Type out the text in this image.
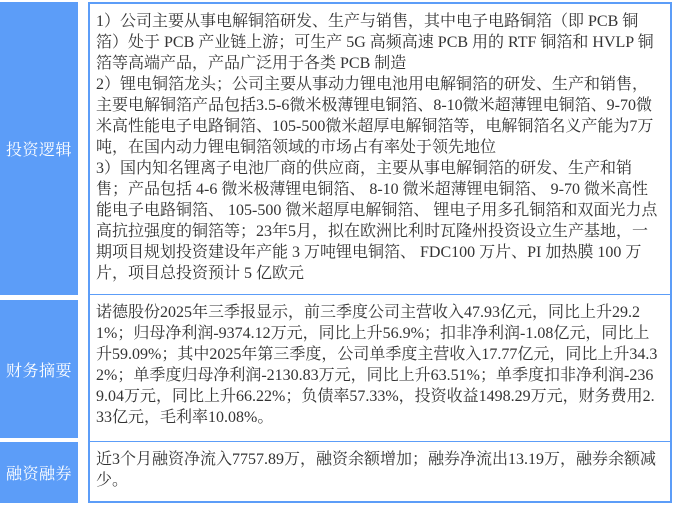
投资逻辑
财务摘要
融资融券

1）公司主要从事电解铜箔研发、生产与销售，其中电子电路铜箔（即 PCB 铜箔）处于 PCB 产业链上游；可生产 5G 高频高速 PCB 用的 RTF 铜箔和 HVLP 铜箔等高端产品，产品广泛用于各类 PCB 制造

2）锂电铜箔龙头；公司主要从事动力锂电池用电解铜箔的研发、生产和销售，主要电解铜箔产品包括3.5-6微米极薄锂电铜箔、8-10微米超薄锂电铜箔、9-70微米高性能电子电路铜箔、105-500微米超厚电解铜箔等，电解铜箔名义产能为7万吨，在国内动力锂电铜箔领域的市场占有率处于领先地位

3）国内知名锂离子电池厂商的供应商，主要从事电解铜箔的研发、生产和销售；产品包括 4-6 微米极薄锂电铜箔、 8-10 微米超薄锂电铜箔、 9-70 微米高性能电子电路铜箔、 105-500 微米超厚电解铜箔、 锂电子用多孔铜箔和双面光力点高抗拉强度的铜箔等；23年5月，拟在欧洲比利时瓦隆州投资设立生产基地，一期项目规划投资建设年产能 3 万吨锂电铜箔、 FDC100 万片、PI 加热膜 100 万片，项目总投资预计 5 亿欧元

诺德股份2025年三季报显示，前三季度公司主营收入47.93亿元，同比上升29.21%；归母净利润-9374.12万元，同比上升56.9%；扣非净利润-1.08亿元，同比上升59.09%；其中2025年第三季度，公司单季度主营收入17.77亿元，同比上升34.32%；单季度归母净利润-2130.83万元，同比上升63.51%；单季度扣非净利润-2369.04万元，同比上升66.22%；负债率57.33%，投资收益1498.29万元，财务费用2.33亿元，毛利率10.08%。

近3个月融资净流入7757.89万，融资余额增加；融券净流出13.19万，融券余额减少。
